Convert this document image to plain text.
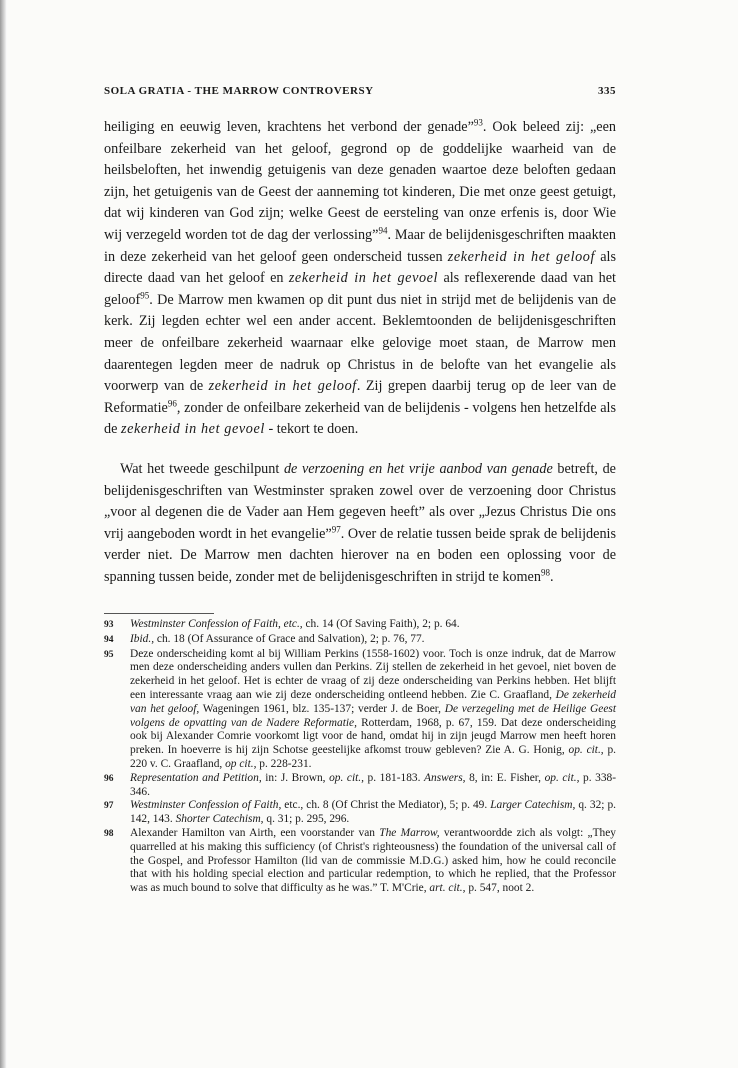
SOLA GRATIA - THE MARROW CONTROVERSY	335

heiliging en eeuwig leven, krachtens het verbond der genade”$^{93}$. Ook beleed zij: „een onfeilbare zekerheid van het geloof, gegrond op de goddelijke waarheid van de heilsbeloften, het inwendig getuigenis van deze genaden waartoe deze beloften gedaan zijn, het getuigenis van de Geest der aanneming tot kinderen, Die met onze geest getuigt, dat wij kinderen van God zijn; welke Geest de eersteling van onze erfenis is, door Wie wij verzegeld worden tot de dag der verlossing”$^{94}$. Maar de belijdenisgeschriften maakten in deze zekerheid van het geloof geen onderscheid tussen zekerheid in het geloof als directe daad van het geloof en zekerheid in het gevoel als reflexerende daad van het geloof$^{95}$. De Marrow men kwamen op dit punt dus niet in strijd met de belijdenis van de kerk. Zij legden echter wel een ander accent. Beklemtoonden de belijdenisgeschriften meer de onfeilbare zekerheid waarnaar elke gelovige moet staan, de Marrow men daarentegen legden meer de nadruk op Christus in de belofte van het evangelie als voorwerp van de zekerheid in het geloof. Zij grepen daarbij terug op de leer van de Reformatie$^{96}$, zonder de onfeilbare zekerheid van de belijdenis - volgens hen hetzelfde als de zekerheid in het gevoel - tekort te doen.

Wat het tweede geschilpunt de verzoening en het vrije aanbod van genade betreft, de belijdenisgeschriften van Westminster spraken zowel over de verzoening door Christus „voor al degenen die de Vader aan Hem gegeven heeft” als over „Jezus Christus Die ons vrij aangeboden wordt in het evangelie”$^{97}$. Over de relatie tussen beide sprak de belijdenis verder niet. De Marrow men dachten hierover na en boden een oplossing voor de spanning tussen beide, zonder met de belijdenisgeschriften in strijd te komen$^{98}$.

93	Westminster Confession of Faith, etc., ch. 14 (Of Saving Faith), 2; p. 64.
94	Ibid., ch. 18 (Of Assurance of Grace and Salvation), 2; p. 76, 77.
95	Deze onderscheiding komt al bij William Perkins (1558-1602) voor. Toch is onze indruk, dat de Marrow men deze onderscheiding anders vullen dan Perkins. Zij stellen de zekerheid in het gevoel, niet boven de zekerheid in het geloof. Het is echter de vraag of zij deze onderscheiding van Perkins hebben. Het blijft een interessante vraag aan wie zij deze onderscheiding ontleend hebben. Zie C. Graafland, De zekerheid van het geloof, Wageningen 1961, blz. 135-137; verder J. de Boer, De verzegeling met de Heilige Geest volgens de opvatting van de Nadere Reformatie, Rotterdam, 1968, p. 67, 159. Dat deze onderscheiding ook bij Alexander Comrie voorkomt ligt voor de hand, omdat hij in zijn jeugd Marrow men heeft horen preken. In hoeverre is hij zijn Schotse geestelijke afkomst trouw gebleven? Zie A. G. Honig, op. cit., p. 220 v. C. Graafland, op cit., p. 228-231.
96	Representation and Petition, in: J. Brown, op. cit., p. 181-183. Answers, 8, in: E. Fisher, op. cit., p. 338-346.
97	Westminster Confession of Faith, etc., ch. 8 (Of Christ the Mediator), 5; p. 49. Larger Catechism, q. 32; p. 142, 143. Shorter Catechism, q. 31; p. 295, 296.
98	Alexander Hamilton van Airth, een voorstander van The Marrow, verantwoordde zich als volgt: „They quarrelled at his making this sufficiency (of Christ's righteousness) the foundation of the universal call of the Gospel, and Professor Hamilton (lid van de commissie M.D.G.) asked him, how he could reconcile that with his holding special election and particular redemption, to which he replied, that the Professor was as much bound to solve that difficulty as he was.” T. M'Crie, art. cit., p. 547, noot 2.
